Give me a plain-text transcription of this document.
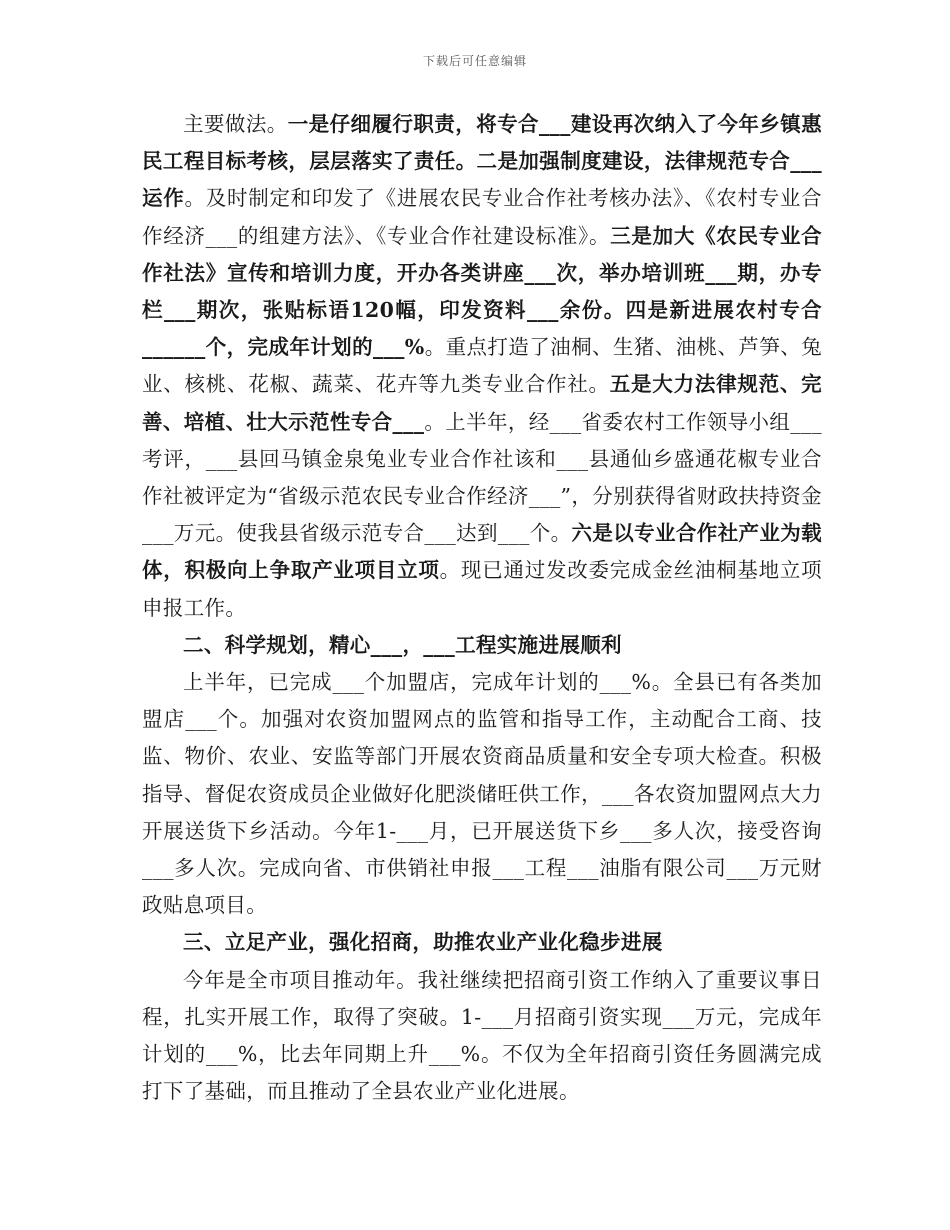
下载后可任意编辑

主要做法。一是仔细履行职责，将专合___建设再次纳入了今年乡镇惠民工程目标考核，层层落实了责任。二是加强制度建设，法律规范专合___运作。及时制定和印发了《进展农民专业合作社考核办法》、《农村专业合作经济___的组建方法》、《专业合作社建设标准》。三是加大《农民专业合作社法》宣传和培训力度，开办各类讲座___次，举办培训班___期，办专栏___期次，张贴标语120幅，印发资料___余份。四是新进展农村专合______个，完成年计划的___%。重点打造了油桐、生猪、油桃、芦笋、兔业、核桃、花椒、蔬菜、花卉等九类专业合作社。五是大力法律规范、完善、培植、壮大示范性专合___。上半年，经___省委农村工作领导小组___考评，___县回马镇金泉兔业专业合作社该和___县通仙乡盛通花椒专业合作社被评定为“省级示范农民专业合作经济___”，分别获得省财政扶持资金___万元。使我县省级示范专合___达到___个。六是以专业合作社产业为载体，积极向上争取产业项目立项。现已通过发改委完成金丝油桐基地立项申报工作。

二、科学规划，精心___，___工程实施进展顺利

上半年，已完成___个加盟店，完成年计划的___%。全县已有各类加盟店___个。加强对农资加盟网点的监管和指导工作，主动配合工商、技监、物价、农业、安监等部门开展农资商品质量和安全专项大检查。积极指导、督促农资成员企业做好化肥淡储旺供工作，___各农资加盟网点大力开展送货下乡活动。今年1-___月，已开展送货下乡___多人次，接受咨询___多人次。完成向省、市供销社申报___工程___油脂有限公司___万元财政贴息项目。

三、立足产业，强化招商，助推农业产业化稳步进展

今年是全市项目推动年。我社继续把招商引资工作纳入了重要议事日程，扎实开展工作，取得了突破。1-___月招商引资实现___万元，完成年计划的___%，比去年同期上升___%。不仅为全年招商引资任务圆满完成打下了基础，而且推动了全县农业产业化进展。
